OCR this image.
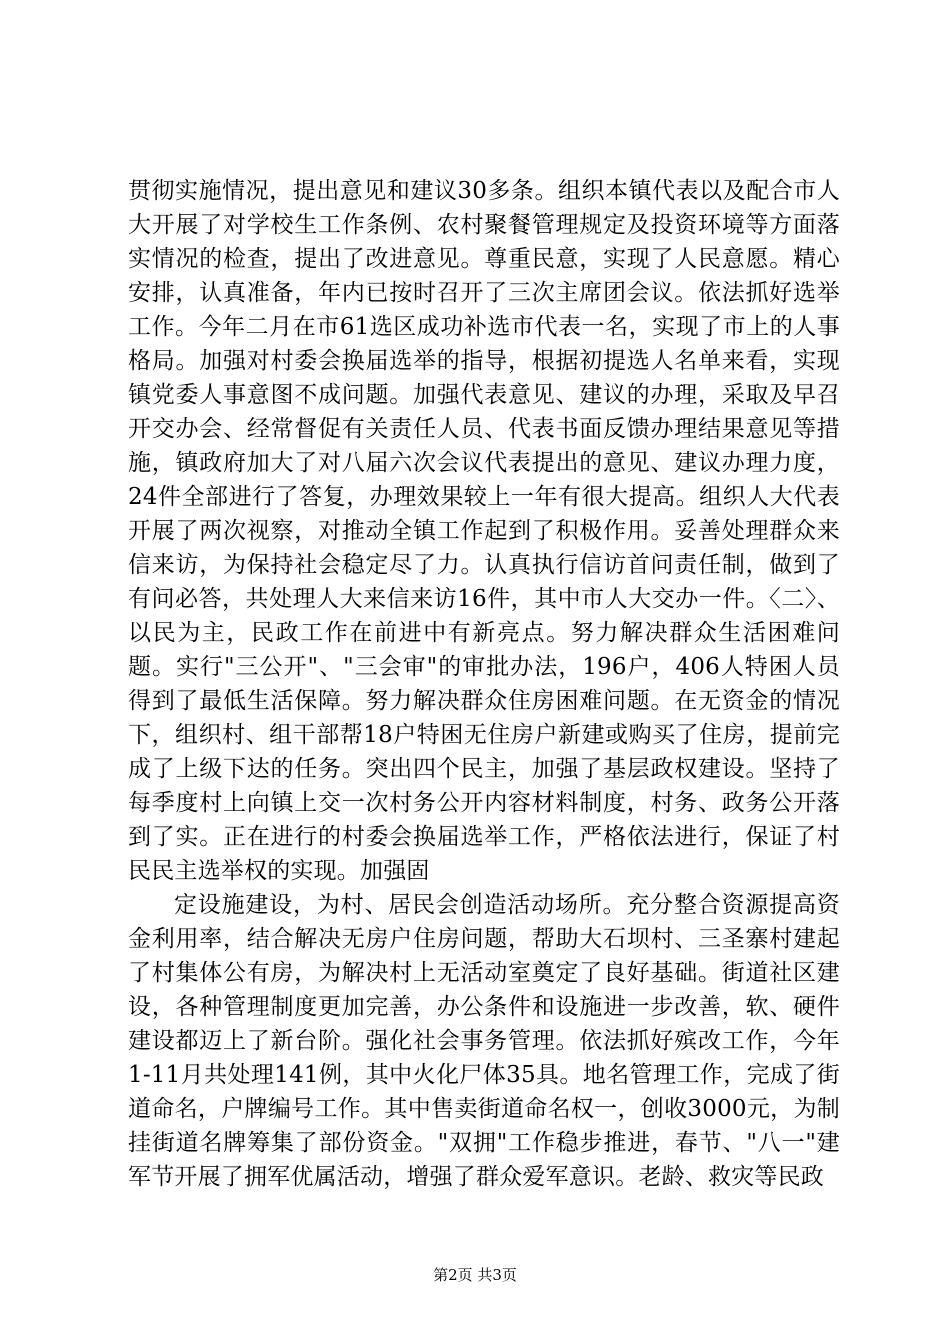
贯彻实施情况，提出意见和建议30多条。组织本镇代表以及配合市人大开展了对学校生工作条例、农村聚餐管理规定及投资环境等方面落实情况的检查，提出了改进意见。尊重民意，实现了人民意愿。精心安排，认真准备，年内已按时召开了三次主席团会议。依法抓好选举工作。今年二月在市61选区成功补选市代表一名，实现了市上的人事格局。加强对村委会换届选举的指导，根据初提选人名单来看，实现镇党委人事意图不成问题。加强代表意见、建议的办理，采取及早召开交办会、经常督促有关责任人员、代表书面反馈办理结果意见等措施，镇政府加大了对八届六次会议代表提出的意见、建议办理力度，24件全部进行了答复，办理效果较上一年有很大提高。组织人大代表开展了两次视察，对推动全镇工作起到了积极作用。妥善处理群众来信来访，为保持社会稳定尽了力。认真执行信访首问责任制，做到了有问必答，共处理人大来信来访16件，其中市人大交办一件。〈二〉、以民为主，民政工作在前进中有新亮点。努力解决群众生活困难问题。实行"三公开"、"三会审"的审批办法，196户，406人特困人员得到了最低生活保障。努力解决群众住房困难问题。在无资金的情况下，组织村、组干部帮18户特困无住房户新建或购买了住房，提前完成了上级下达的任务。突出四个民主，加强了基层政权建设。坚持了每季度村上向镇上交一次村务公开内容材料制度，村务、政务公开落到了实。正在进行的村委会换届选举工作，严格依法进行，保证了村民民主选举权的实现。加强固

定设施建设，为村、居民会创造活动场所。充分整合资源提高资金利用率，结合解决无房户住房问题，帮助大石坝村、三圣寨村建起了村集体公有房，为解决村上无活动室奠定了良好基础。街道社区建设，各种管理制度更加完善，办公条件和设施进一步改善，软、硬件建设都迈上了新台阶。强化社会事务管理。依法抓好殡改工作，今年1-11月共处理141例，其中火化尸体35具。地名管理工作，完成了街道命名，户牌编号工作。其中售卖街道命名权一，创收3000元，为制挂街道名牌筹集了部份资金。"双拥"工作稳步推进，春节、"八一"建军节开展了拥军优属活动，增强了群众爱军意识。老龄、救灾等民政

第2页 共3页
